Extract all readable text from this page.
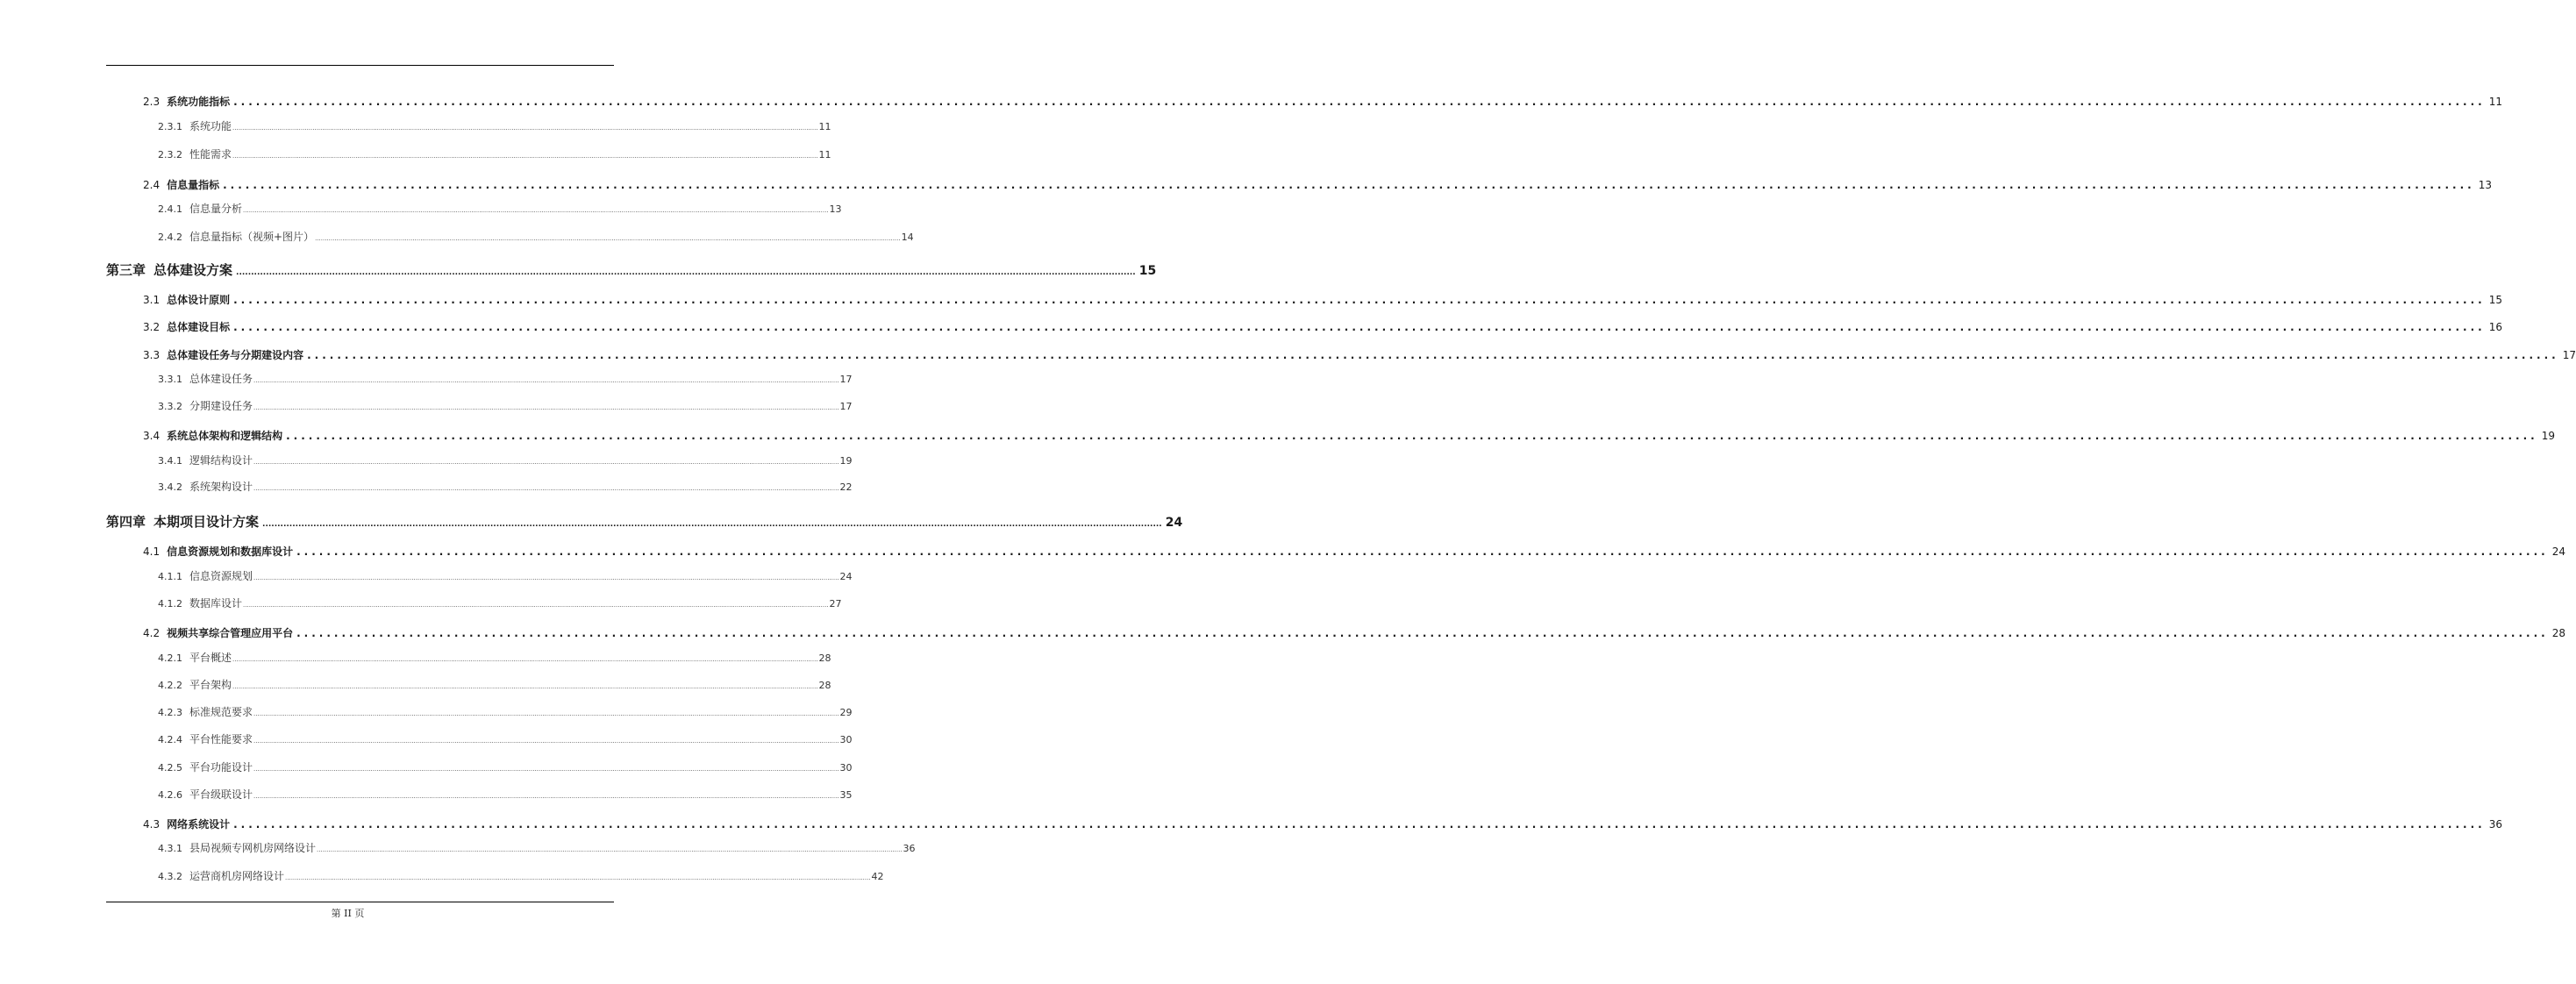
2.3 系统功能指标 ............................................................................................................................................................................................................................................................................................................ 11
2.3.1 系统功能 ............................................................................................................................................................................................................................................................................................................ 11
2.3.2 性能需求 ............................................................................................................................................................................................................................................................................................................ 11
2.4 信息量指标 ............................................................................................................................................................................................................................................................................................................ 13
2.4.1 信息量分析 ............................................................................................................................................................................................................................................................................................................ 13
2.4.2 信息量指标（视频+图片） ............................................................................................................................................................................................................................................................................................................ 14
第三章 总体建设方案 ............................................................................................................................................................................................................................................................................................................ 15
3.1 总体设计原则 ............................................................................................................................................................................................................................................................................................................ 15
3.2 总体建设目标 ............................................................................................................................................................................................................................................................................................................ 16
3.3 总体建设任务与分期建设内容 ............................................................................................................................................................................................................................................................................................................ 17
3.3.1 总体建设任务 ............................................................................................................................................................................................................................................................................................................ 17
3.3.2 分期建设任务 ............................................................................................................................................................................................................................................................................................................ 17
3.4 系统总体架构和逻辑结构 ............................................................................................................................................................................................................................................................................................................ 19
3.4.1 逻辑结构设计 ............................................................................................................................................................................................................................................................................................................ 19
3.4.2 系统架构设计 ............................................................................................................................................................................................................................................................................................................ 22
第四章 本期项目设计方案 ............................................................................................................................................................................................................................................................................................................ 24
4.1 信息资源规划和数据库设计 ............................................................................................................................................................................................................................................................................................................ 24
4.1.1 信息资源规划 ............................................................................................................................................................................................................................................................................................................ 24
4.1.2 数据库设计 ............................................................................................................................................................................................................................................................................................................ 27
4.2 视频共享综合管理应用平台 ............................................................................................................................................................................................................................................................................................................ 28
4.2.1 平台概述 ............................................................................................................................................................................................................................................................................................................ 28
4.2.2 平台架构 ............................................................................................................................................................................................................................................................................................................ 28
4.2.3 标准规范要求 ............................................................................................................................................................................................................................................................................................................ 29
4.2.4 平台性能要求 ............................................................................................................................................................................................................................................................................................................ 30
4.2.5 平台功能设计 ............................................................................................................................................................................................................................................................................................................ 30
4.2.6 平台级联设计 ............................................................................................................................................................................................................................................................................................................ 35
4.3 网络系统设计 ............................................................................................................................................................................................................................................................................................................ 36
4.3.1 县局视频专网机房网络设计 ............................................................................................................................................................................................................................................................................................................ 36
4.3.2 运营商机房网络设计 ............................................................................................................................................................................................................................................................................................................ 42
第 II 页
